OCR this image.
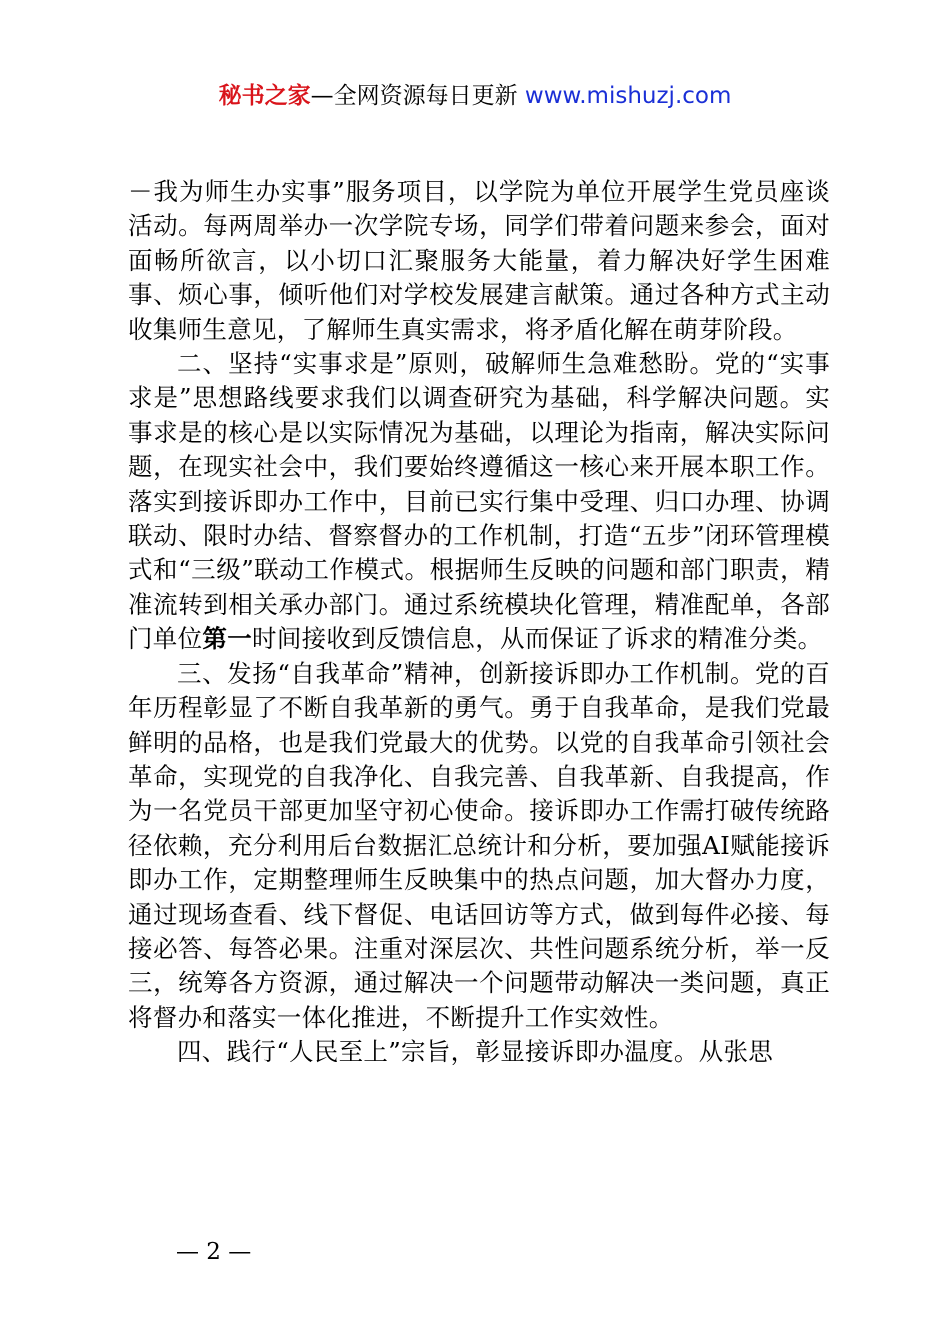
秘书之家—全网资源每日更新 www.mishuzj.com

－我为师生办实事”服务项目，以学院为单位开展学生党员座谈活动。每两周举办一次学院专场，同学们带着问题来参会，面对面畅所欲言，以小切口汇聚服务大能量，着力解决好学生困难事、烦心事，倾听他们对学校发展建言献策。通过各种方式主动收集师生意见，了解师生真实需求，将矛盾化解在萌芽阶段。

二、坚持“实事求是”原则，破解师生急难愁盼。党的“实事求是”思想路线要求我们以调查研究为基础，科学解决问题。实事求是的核心是以实际情况为基础，以理论为指南，解决实际问题，在现实社会中，我们要始终遵循这一核心来开展本职工作。落实到接诉即办工作中，目前已实行集中受理、归口办理、协调联动、限时办结、督察督办的工作机制，打造“五步”闭环管理模式和“三级”联动工作模式。根据师生反映的问题和部门职责，精准流转到相关承办部门。通过系统模块化管理，精准配单，各部门单位第一时间接收到反馈信息，从而保证了诉求的精准分类。

三、发扬“自我革命”精神，创新接诉即办工作机制。党的百年历程彰显了不断自我革新的勇气。勇于自我革命，是我们党最鲜明的品格，也是我们党最大的优势。以党的自我革命引领社会革命，实现党的自我净化、自我完善、自我革新、自我提高，作为一名党员干部更加坚守初心使命。接诉即办工作需打破传统路径依赖，充分利用后台数据汇总统计和分析，要加强AI赋能接诉即办工作，定期整理师生反映集中的热点问题，加大督办力度，通过现场查看、线下督促、电话回访等方式，做到每件必接、每接必答、每答必果。注重对深层次、共性问题系统分析，举一反三，统筹各方资源，通过解决一个问题带动解决一类问题，真正将督办和落实一体化推进，不断提升工作实效性。

四、践行“人民至上”宗旨，彰显接诉即办温度。从张思

— 2 —
